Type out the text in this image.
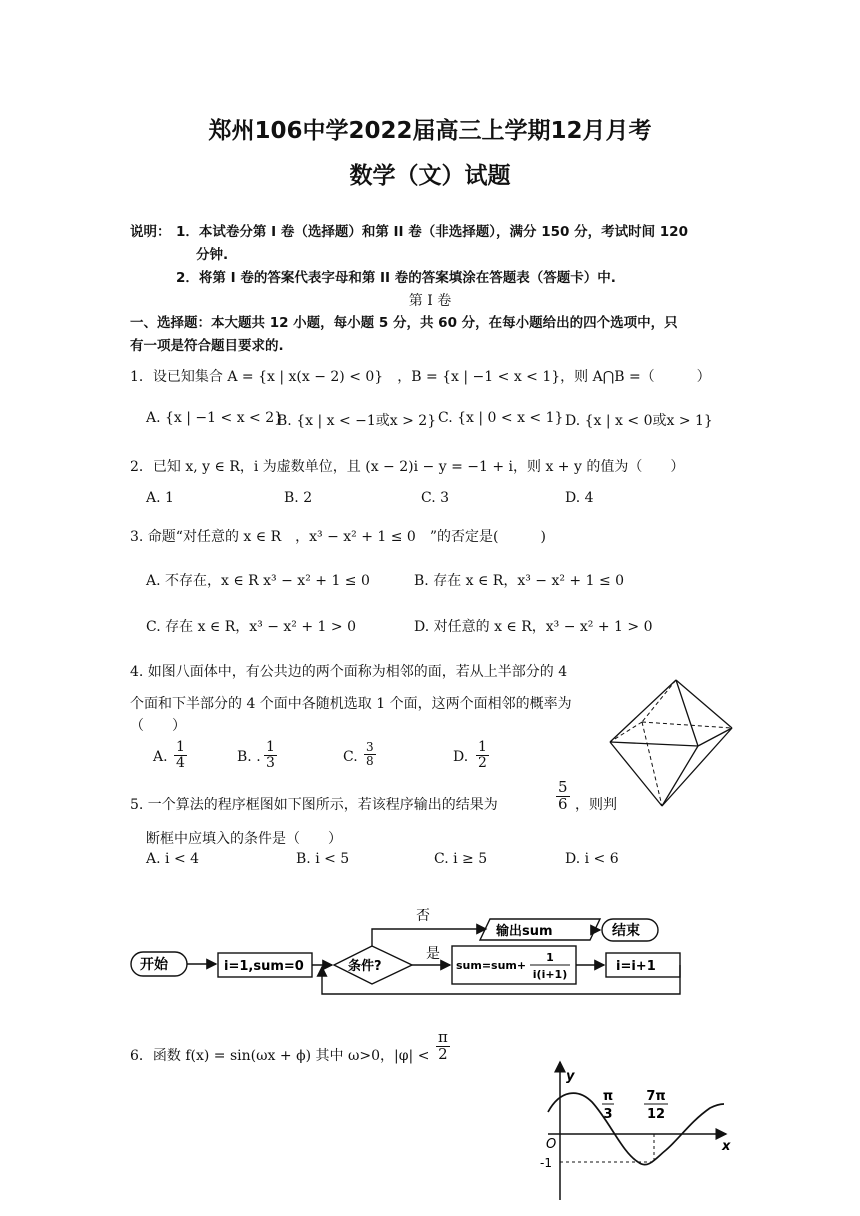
郑州106中学2022届高三上学期12月月考
数学（文）试题
说明： 1．本试卷分第 I 卷（选择题）和第 II 卷（非选择题），满分 150 分，考试时间 120
分钟.
2．将第 I 卷的答案代表字母和第 II 卷的答案填涂在答题表（答题卡）中.
第 I 卷
一、选择题：本大题共 12 小题，每小题 5 分，共 60 分，在每小题给出的四个选项中，只
有一项是符合题目要求的.
1．设已知集合 A = {x | x(x − 2) < 0}　，B = {x | −1 < x < 1}，则 A⋂B =（　　　）
A. {x | −1 < x < 2}
B. {x | x < −1或x > 2} C. {x | 0 < x < 1} D. {x | x < 0或x > 1}
2．已知 x, y ∈ R，i 为虚数单位，且 (x − 2)i − y = −1 + i，则 x + y 的值为（　　）
A. 1	B. 2	C. 3	D. 4
3. 命题“对任意的 x ∈ R　，x³ − x² + 1 ≤ 0　”的否定是(　　　)
A. 不存在，x ∈ R x³ − x² + 1 ≤ 0	B. 存在 x ∈ R，x³ − x² + 1 ≤ 0
C. 存在 x ∈ R，x³ − x² + 1 > 0	D. 对任意的 x ∈ R，x³ − x² + 1 > 0
4. 如图八面体中，有公共边的两个面称为相邻的面，若从上半部分的 4
个面和下半部分的 4 个面中各随机选取 1 个面，这两个面相邻的概率为
（　　）
A. $\frac{1}{4}$	B. . $\frac{1}{3}$	C. $\frac{3}{8}$	D. $\frac{1}{2}$
5. 一个算法的程序框图如下图所示，若该程序输出的结果为	$\frac{5}{6}$ ，则判
断框中应填入的条件是（　　）
A. i < 4	B. i < 5	C. i ≥ 5	D. i < 6
开始	i=1,sum=0	条件?
否
是
输出sum	结束
sum=sum+
1
i(i+1)
i=i+1
6．函数 f(x) = sin(ωx + ϕ) 其中 ω>0，$|\varphi| < \frac{\pi}{2}$
y
x
O
-1
π
3
7π
12
